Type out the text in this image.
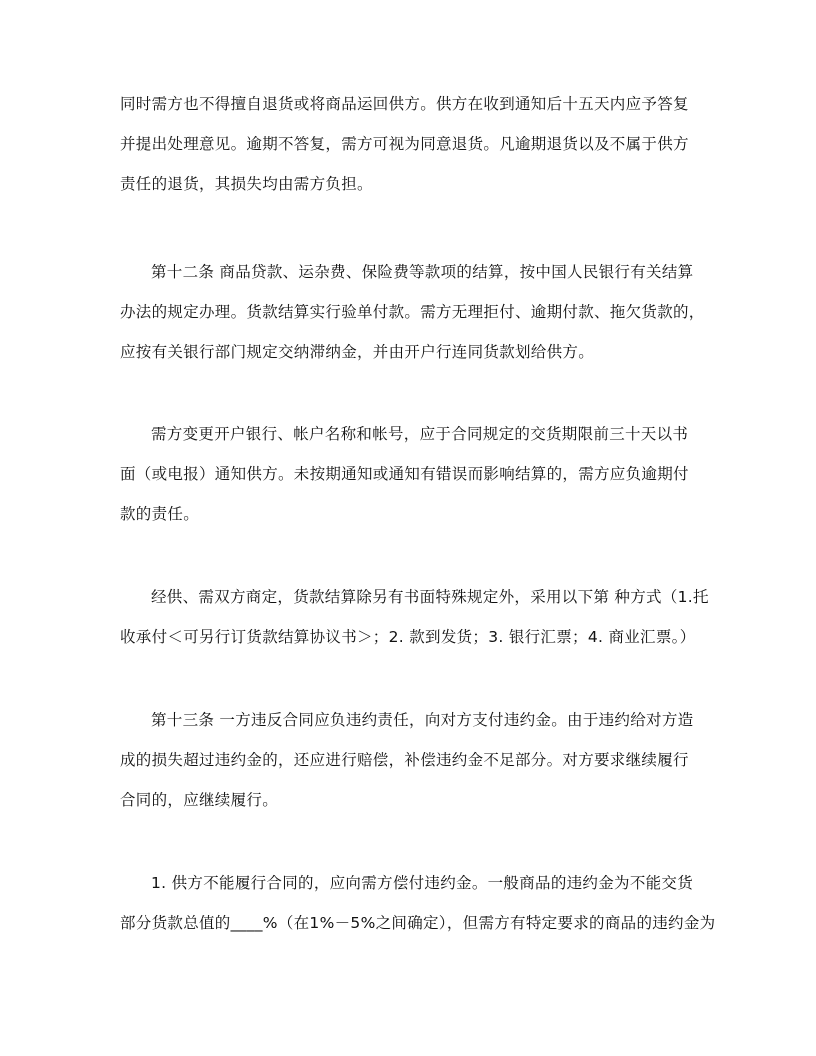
同时需方也不得擅自退货或将商品运回供方。供方在收到通知后十五天内应予答复
并提出处理意见。逾期不答复，需方可视为同意退货。凡逾期退货以及不属于供方
责任的退货，其损失均由需方负担。
第十二条 商品贷款、运杂费、保险费等款项的结算，按中国人民银行有关结算
办法的规定办理。货款结算实行验单付款。需方无理拒付、逾期付款、拖欠货款的，
应按有关银行部门规定交纳滞纳金，并由开户行连同货款划给供方。
需方变更开户银行、帐户名称和帐号，应于合同规定的交货期限前三十天以书
面（或电报）通知供方。未按期通知或通知有错误而影响结算的，需方应负逾期付
款的责任。
经供、需双方商定，货款结算除另有书面特殊规定外，采用以下第 种方式（1.托
收承付＜可另行订货款结算协议书＞；2. 款到发货；3. 银行汇票；4. 商业汇票。）
第十三条 一方违反合同应负违约责任，向对方支付违约金。由于违约给对方造
成的损失超过违约金的，还应进行赔偿，补偿违约金不足部分。对方要求继续履行
合同的，应继续履行。
1. 供方不能履行合同的，应向需方偿付违约金。一般商品的违约金为不能交货
部分货款总值的____%（在1%－5%之间确定），但需方有特定要求的商品的违约金为
